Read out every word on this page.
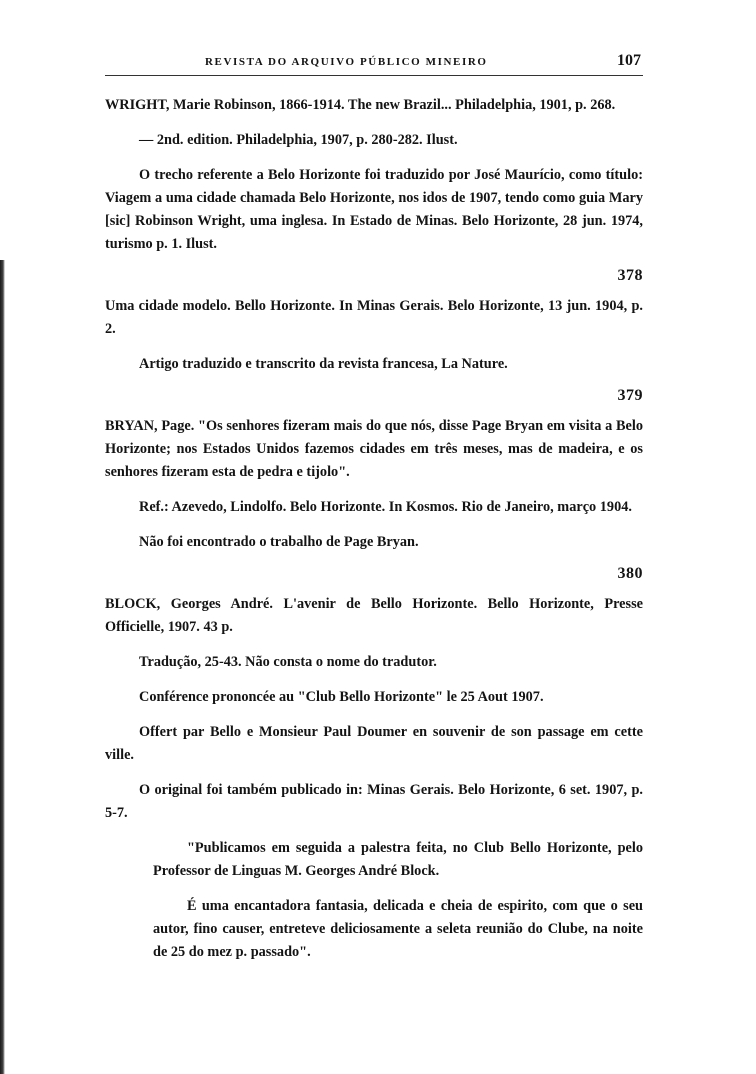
REVISTA DO ARQUIVO PÚBLICO MINEIRO	107

WRIGHT, Marie Robinson, 1866-1914. The new Brazil... Philadelphia, 1901, p. 268.

— 2nd. edition. Philadelphia, 1907, p. 280-282. Ilust.

O trecho referente a Belo Horizonte foi traduzido por José Maurício, como título: Viagem a uma cidade chamada Belo Horizonte, nos idos de 1907, tendo como guia Mary [sic] Robinson Wright, uma inglesa. In Estado de Minas. Belo Horizonte, 28 jun. 1974, turismo p. 1. Ilust.

378

Uma cidade modelo. Bello Horizonte. In Minas Gerais. Belo Horizonte, 13 jun. 1904, p. 2.

Artigo traduzido e transcrito da revista francesa, La Nature.

379

BRYAN, Page. "Os senhores fizeram mais do que nós, disse Page Bryan em visita a Belo Horizonte; nos Estados Unidos fazemos cidades em três meses, mas de madeira, e os senhores fizeram esta de pedra e tijolo".

Ref.: Azevedo, Lindolfo. Belo Horizonte. In Kosmos. Rio de Janeiro, março 1904.

Não foi encontrado o trabalho de Page Bryan.

380

BLOCK, Georges André. L'avenir de Bello Horizonte. Bello Horizonte, Presse Officielle, 1907. 43 p.

Tradução, 25-43. Não consta o nome do tradutor.

Conférence prononcée au "Club Bello Horizonte" le 25 Aout 1907.

Offert par Bello e Monsieur Paul Doumer en souvenir de son passage em cette ville.

O original foi também publicado in: Minas Gerais. Belo Horizonte, 6 set. 1907, p. 5-7.

"Publicamos em seguida a palestra feita, no Club Bello Horizonte, pelo Professor de Linguas M. Georges André Block.

É uma encantadora fantasia, delicada e cheia de espirito, com que o seu autor, fino causer, entreteve deliciosamente a seleta reunião do Clube, na noite de 25 do mez p. passado".
